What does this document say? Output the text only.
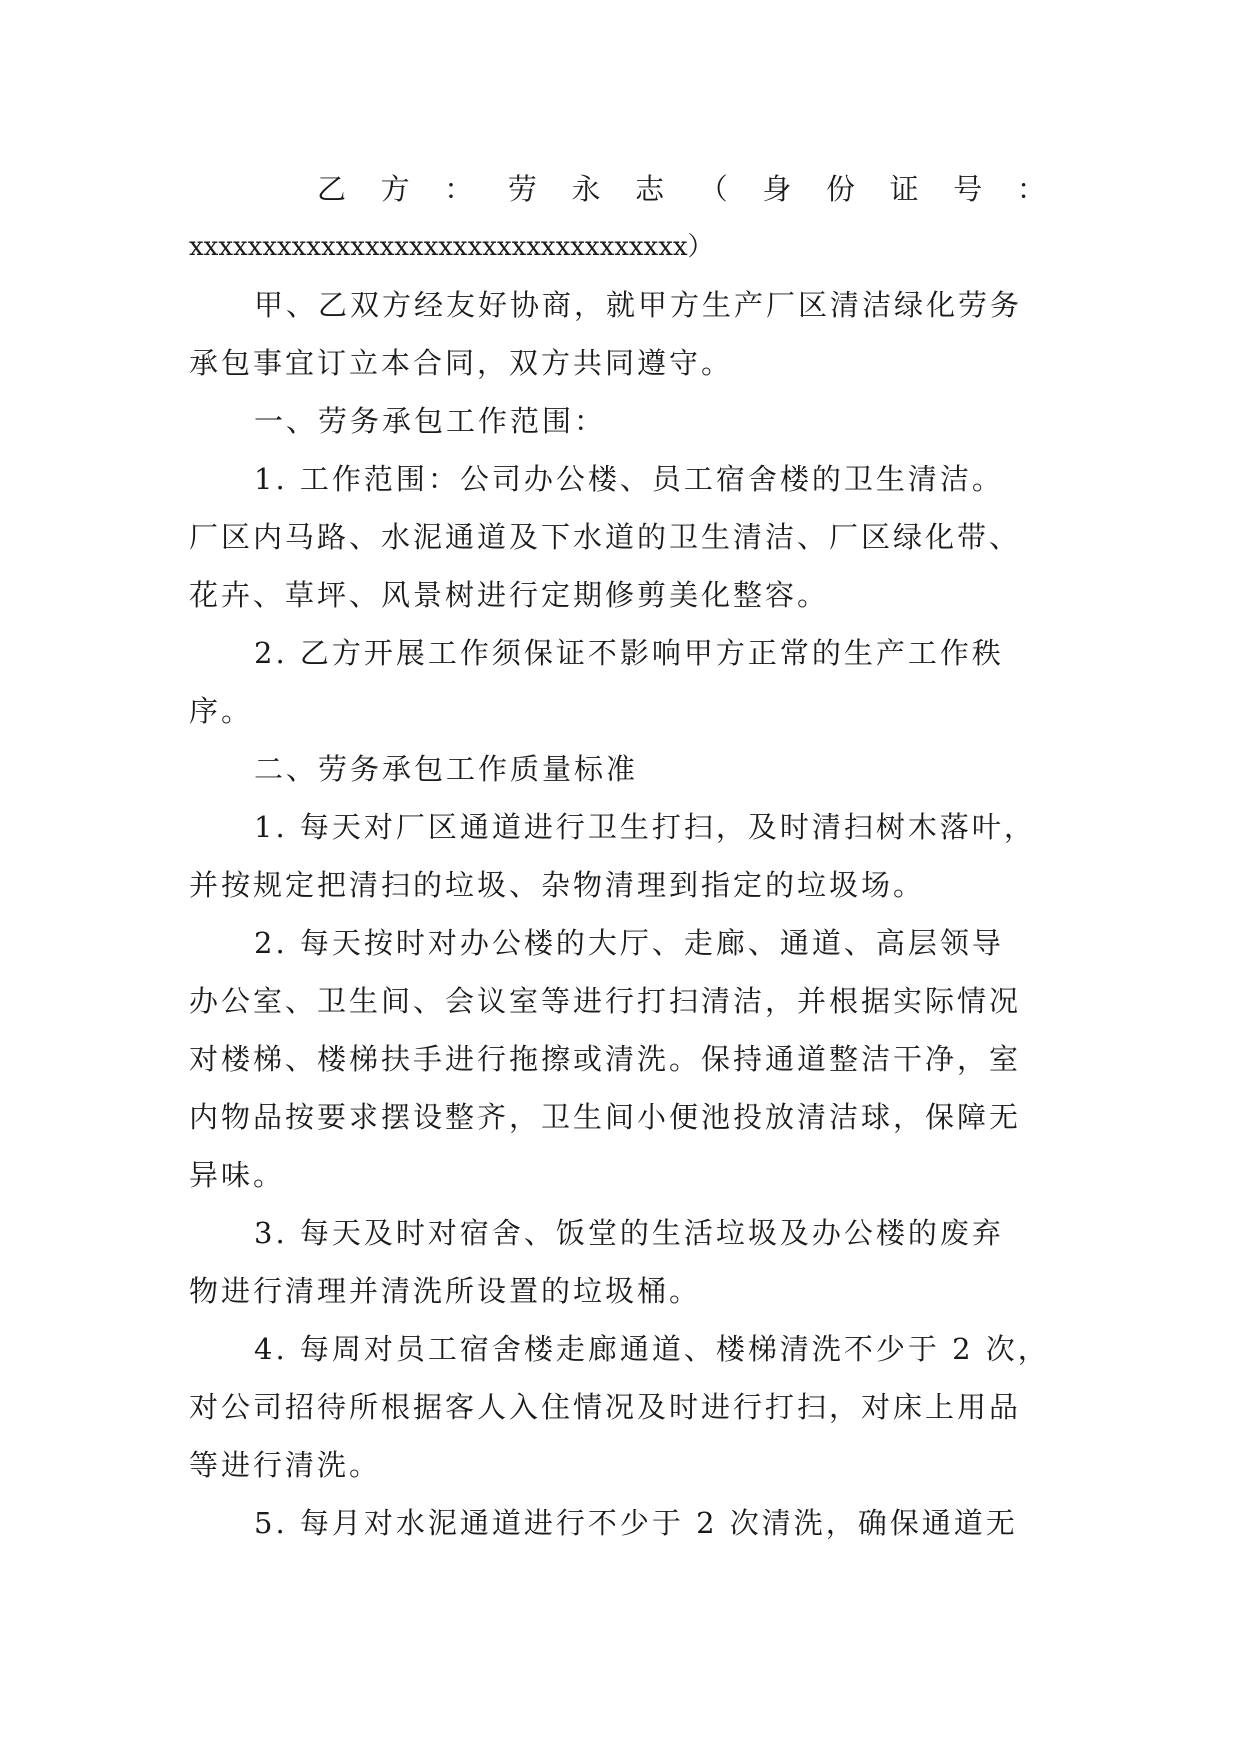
乙 方 ： 劳 永 志 （ 身 份 证 号 ：
xxxxxxxxxxxxxxxxxxxxxxxxxxxxxxxxxx）
甲、乙双方经友好协商，就甲方生产厂区清洁绿化劳务
承包事宜订立本合同，双方共同遵守。
一、劳务承包工作范围：
1. 工作范围：公司办公楼、员工宿舍楼的卫生清洁。
厂区内马路、水泥通道及下水道的卫生清洁、厂区绿化带、
花卉、草坪、风景树进行定期修剪美化整容。
2. 乙方开展工作须保证不影响甲方正常的生产工作秩
序。
二、劳务承包工作质量标准
1. 每天对厂区通道进行卫生打扫，及时清扫树木落叶，
并按规定把清扫的垃圾、杂物清理到指定的垃圾场。
2. 每天按时对办公楼的大厅、走廊、通道、高层领导
办公室、卫生间、会议室等进行打扫清洁，并根据实际情况
对楼梯、楼梯扶手进行拖擦或清洗。保持通道整洁干净，室
内物品按要求摆设整齐，卫生间小便池投放清洁球，保障无
异味。
3. 每天及时对宿舍、饭堂的生活垃圾及办公楼的废弃
物进行清理并清洗所设置的垃圾桶。
4. 每周对员工宿舍楼走廊通道、楼梯清洗不少于 2 次，
对公司招待所根据客人入住情况及时进行打扫，对床上用品
等进行清洗。
5. 每月对水泥通道进行不少于 2 次清洗，确保通道无
